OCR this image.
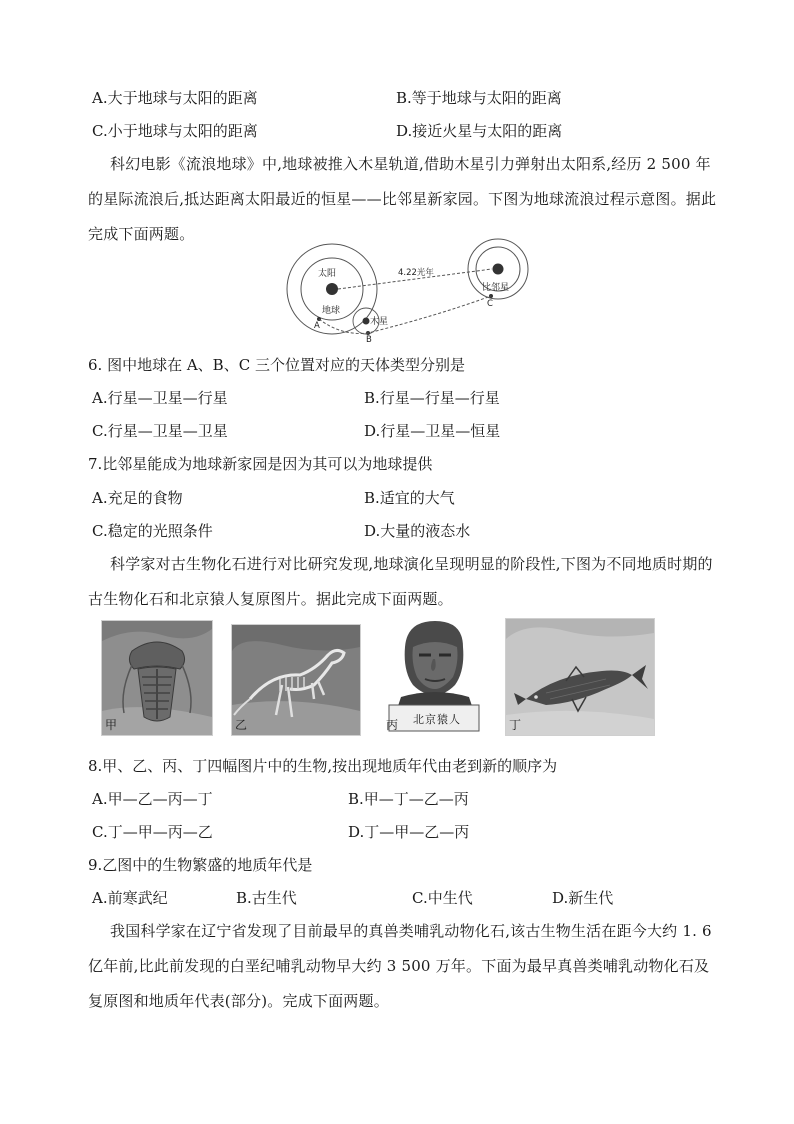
A.大于地球与太阳的距离	B.等于地球与太阳的距离
C.小于地球与太阳的距离	D.接近火星与太阳的距离
科幻电影《流浪地球》中,地球被推入木星轨道,借助木星引力弹射出太阳系,经历 2 500 年的星际流浪后,抵达距离太阳最近的恒星——比邻星新家园。下图为地球流浪过程示意图。据此完成下面两题。
太阳
地球
木星
比邻星
4.22光年
A
B
C
6. 图中地球在 A、B、C 三个位置对应的天体类型分别是
A.行星—卫星—行星	B.行星—行星—行星
C.行星—卫星—卫星	D.行星—卫星—恒星
7.比邻星能成为地球新家园是因为其可以为地球提供
A.充足的食物	B.适宜的大气
C.稳定的光照条件	D.大量的液态水
科学家对古生物化石进行对比研究发现,地球演化呈现明显的阶段性,下图为不同地质时期的古生物化石和北京猿人复原图片。据此完成下面两题。
甲	乙	北京猿人
丙	丁
8.甲、乙、丙、丁四幅图片中的生物,按出现地质年代由老到新的顺序为
A.甲—乙—丙—丁	B.甲—丁—乙—丙
C.丁—甲—丙—乙	D.丁—甲—乙—丙
9.乙图中的生物繁盛的地质年代是
A.前寒武纪	B.古生代	C.中生代	D.新生代
我国科学家在辽宁省发现了目前最早的真兽类哺乳动物化石,该古生物生活在距今大约 1. 6 亿年前,比此前发现的白垩纪哺乳动物早大约 3 500 万年。下面为最早真兽类哺乳动物化石及复原图和地质年代表(部分)。完成下面两题。
